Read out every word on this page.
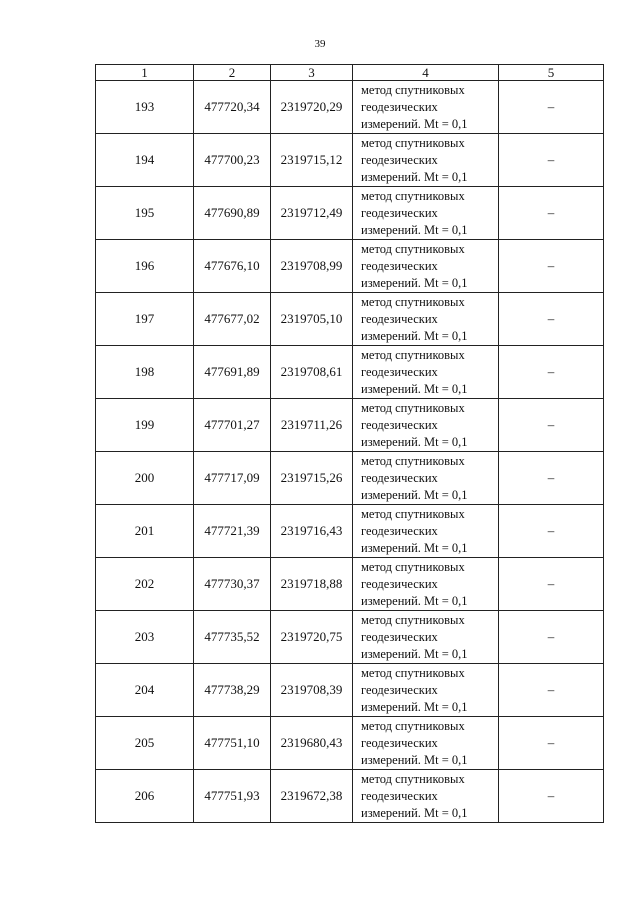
39
1	2	3	4	5
193	477720,34	2319720,29	метод спутниковых
геодезических
измерений. Mt = 0,1	–
194	477700,23	2319715,12	метод спутниковых
геодезических
измерений. Mt = 0,1	–
195	477690,89	2319712,49	метод спутниковых
геодезических
измерений. Mt = 0,1	–
196	477676,10	2319708,99	метод спутниковых
геодезических
измерений. Mt = 0,1	–
197	477677,02	2319705,10	метод спутниковых
геодезических
измерений. Mt = 0,1	–
198	477691,89	2319708,61	метод спутниковых
геодезических
измерений. Mt = 0,1	–
199	477701,27	2319711,26	метод спутниковых
геодезических
измерений. Mt = 0,1	–
200	477717,09	2319715,26	метод спутниковых
геодезических
измерений. Mt = 0,1	–
201	477721,39	2319716,43	метод спутниковых
геодезических
измерений. Mt = 0,1	–
202	477730,37	2319718,88	метод спутниковых
геодезических
измерений. Mt = 0,1	–
203	477735,52	2319720,75	метод спутниковых
геодезических
измерений. Mt = 0,1	–
204	477738,29	2319708,39	метод спутниковых
геодезических
измерений. Mt = 0,1	–
205	477751,10	2319680,43	метод спутниковых
геодезических
измерений. Mt = 0,1	–
206	477751,93	2319672,38	метод спутниковых
геодезических
измерений. Mt = 0,1	–
